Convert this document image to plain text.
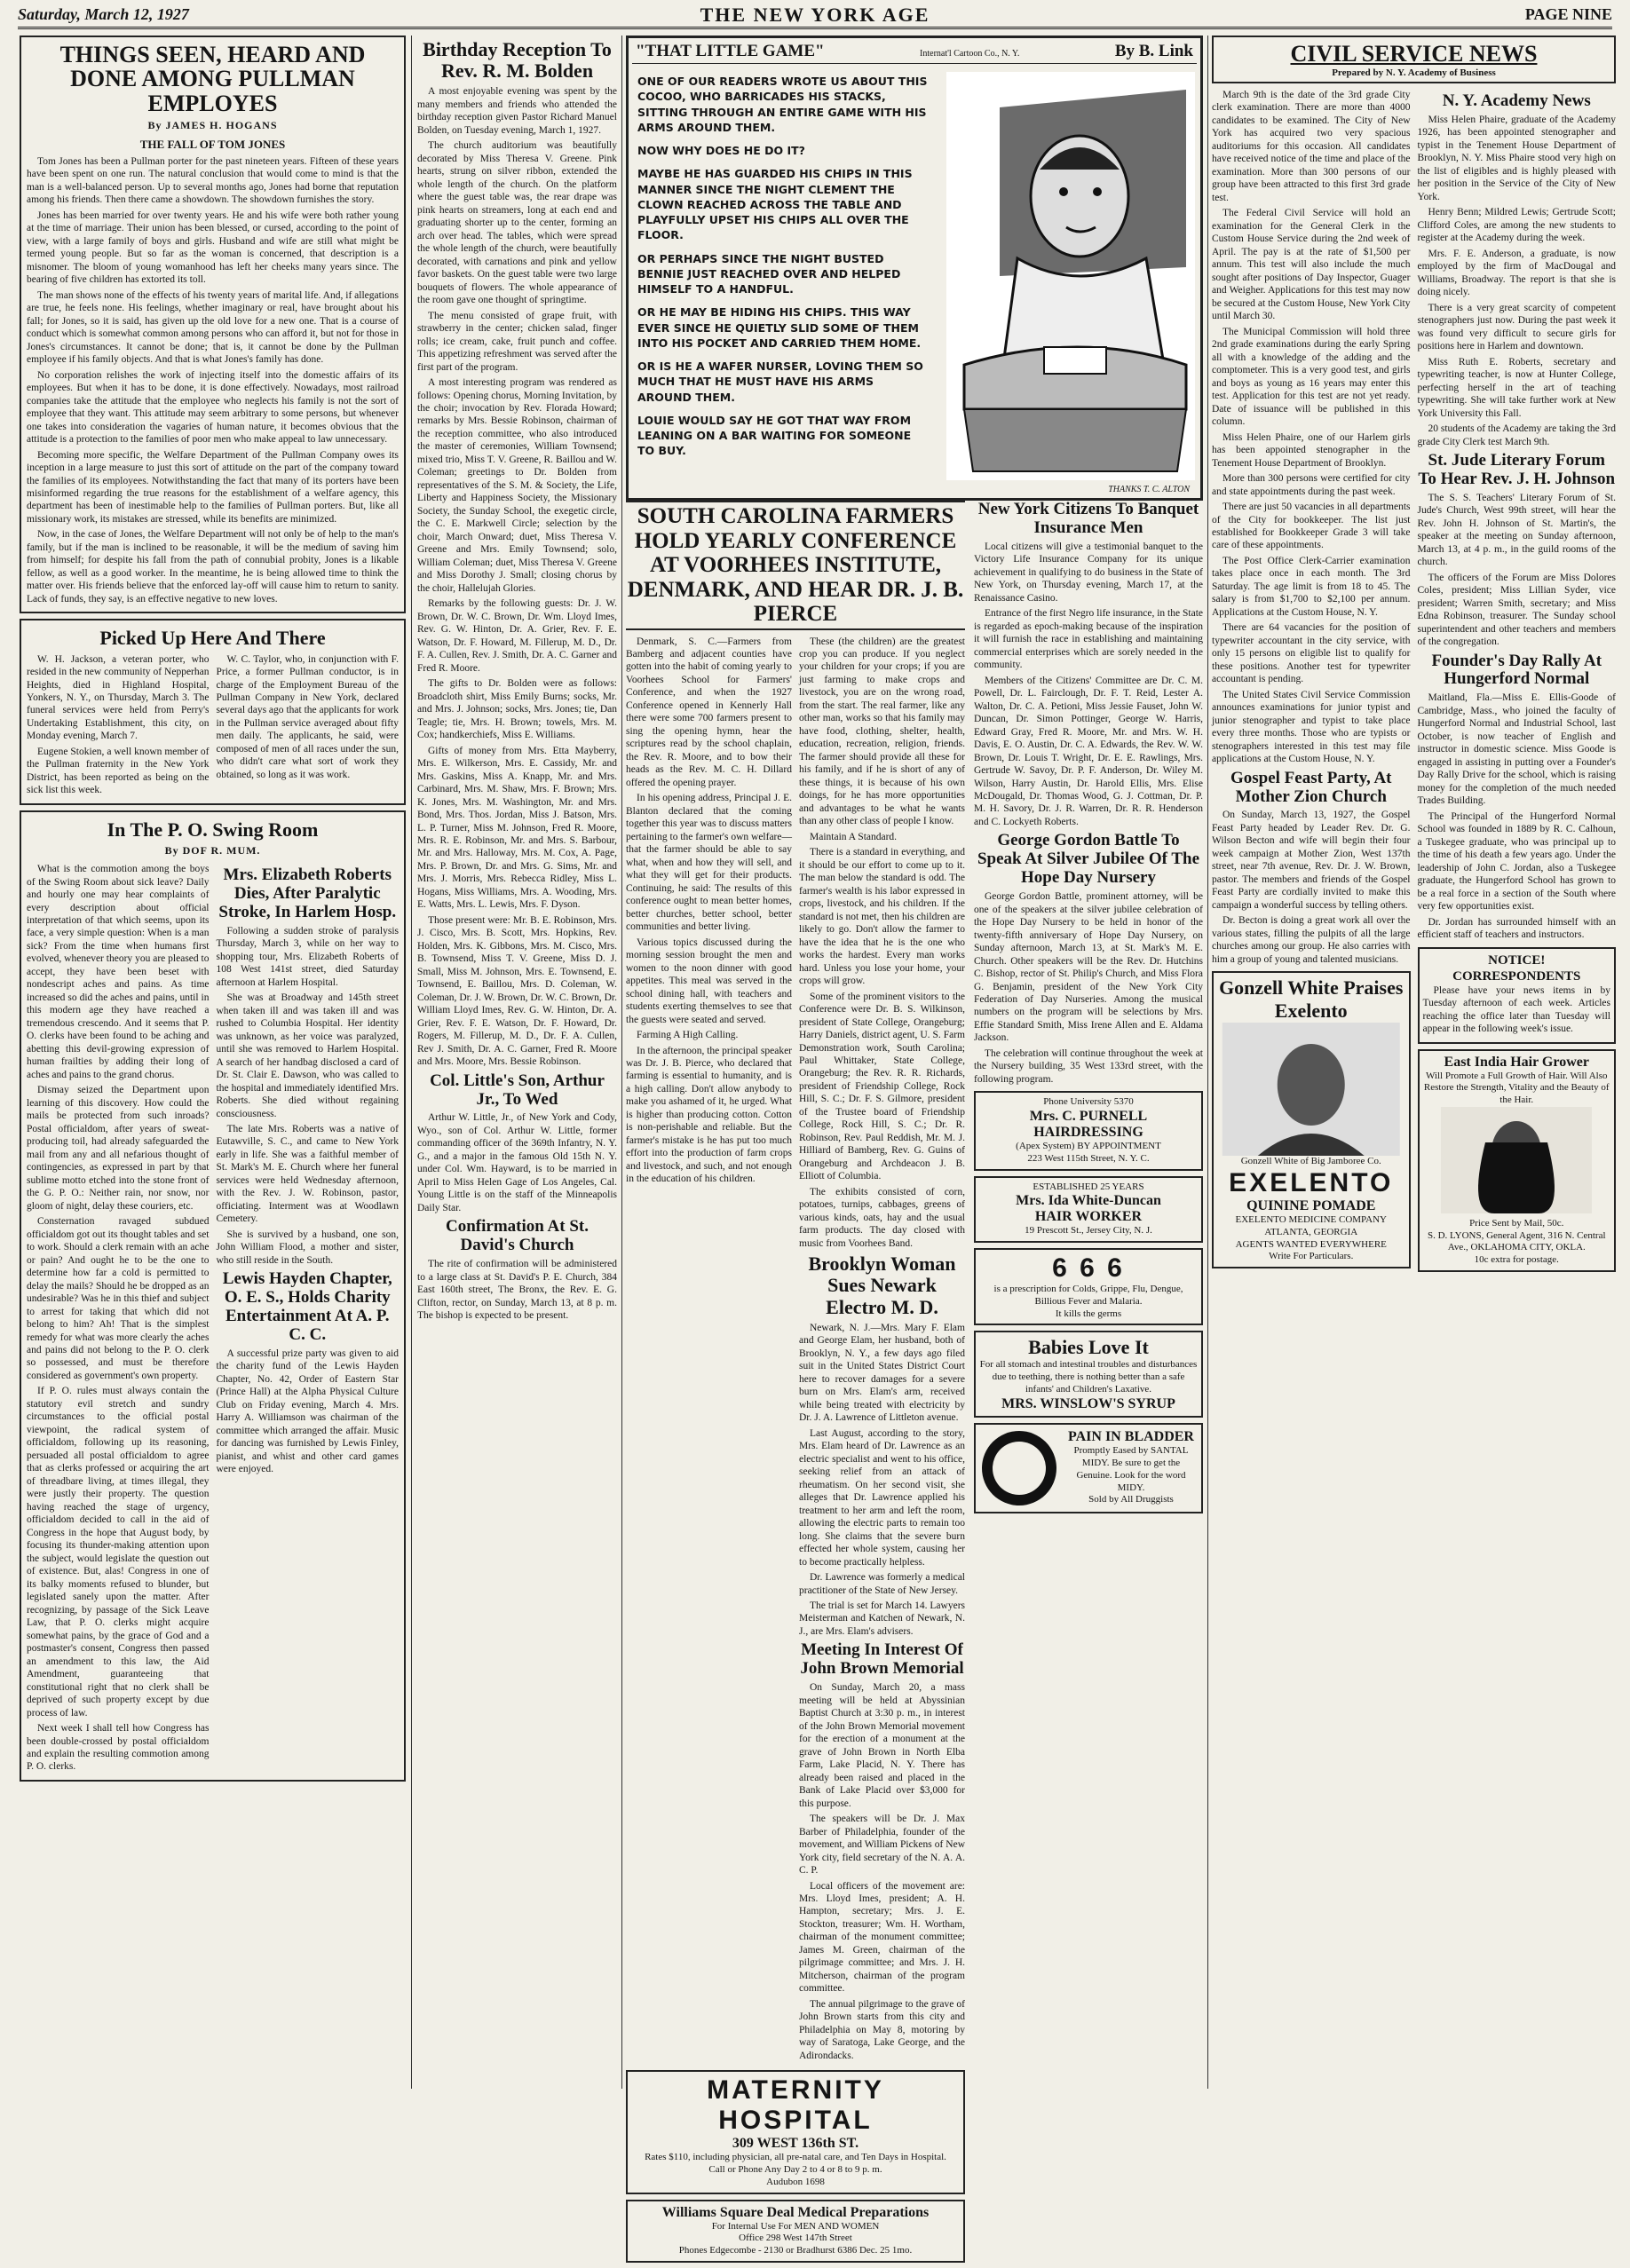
Saturday, March 12, 1927	THE NEW YORK AGE	PAGE NINE
THINGS SEEN, HEARD AND DONE AMONG PULLMAN EMPLOYES
By JAMES H. HOGANS
THE FALL OF TOM JONES

Tom Jones has been a Pullman porter for the past nineteen years. Fifteen of these years have been spent on one run. The natural conclusion that would come to mind is that the man is a well-balanced person. Up to several months ago, Jones had borne that reputation among his friends. Then there came a showdown. The showdown furnishes the story.

Jones has been married for over twenty years. He and his wife were both rather young at the time of marriage. Their union has been blessed, or cursed, according to the point of view, with a large family of boys and girls. Husband and wife are still what might be termed young people. But so far as the woman is concerned, that description is a misnomer. The bloom of young womanhood has left her cheeks many years since. The bearing of five children has extorted its toll.

The man shows none of the effects of his twenty years of marital life. And, if allegations are true, he feels none. His feelings, whether imaginary or real, have brought about his fall; for Jones, so it is said, has given up the old love for a new one. That is a course of conduct which is somewhat common among persons who can afford it, but not for those in Jones's circumstances. It cannot be done; that is, it cannot be done by the Pullman employee if his family objects. And that is what Jones's family has done.

No corporation relishes the work of injecting itself into the domestic affairs of its employees. But when it has to be done, it is done effectively. Nowadays, most railroad companies take the attitude that the employee who neglects his family is not the sort of employee that they want. This attitude may seem arbitrary to some persons, but whenever one takes into consideration the vagaries of human nature, it becomes obvious that the attitude is a protection to the families of poor men who make appeal to law unnecessary.

Becoming more specific, the Welfare Department of the Pullman Company owes its inception in a large measure to just this sort of attitude on the part of the company toward the families of its employees. Notwithstanding the fact that many of its porters have been misinformed regarding the true reasons for the establishment of a welfare agency, this department has been of inestimable help to the families of Pullman porters. But, like all missionary work, its mistakes are stressed, while its benefits are minimized.

Now, in the case of Jones, the Welfare Department will not only be of help to the man's family, but if the man is inclined to be reasonable, it will be the medium of saving him from himself; for despite his fall from the path of connubial probity, Jones is a likable fellow, as well as a good worker. In the meantime, he is being allowed time to think the matter over. His friends believe that the enforced lay-off will cause him to return to sanity. Lack of funds, they say, is an effective negative to new loves.

Picked Up Here And There

W. H. Jackson, a veteran porter, who resided in the new community of Nepperhan Heights, died in Highland Hospital, Yonkers, N. Y., on Thursday, March 3. The funeral services were held from Perry's Undertaking Establishment, this city, on Monday evening, March 7.

Eugene Stokien, a well known member of the Pullman fraternity in the New York District, has been reported as being on the sick list this week.

W. C. Taylor, who, in conjunction with F. Price, a former Pullman conductor, is in charge of the Employment Bureau of the Pullman Company in New York, declared several days ago that the applicants for work in the Pullman service averaged about fifty men daily. The applicants, he said, were composed of men of all races under the sun, who didn't care what sort of work they obtained, so long as it was work.

In The P. O. Swing Room
By DOF R. MUM.

What is the commotion among the boys of the Swing Room about sick leave? Daily and hourly one may hear complaints of every description about official interpretation of that which seems, upon its face, a very simple question: When is a man sick? From the time when humans first evolved, whenever theory you are pleased to accept, they have been beset with nondescript aches and pains. As time increased so did the aches and pains, until in this modern age they have reached a tremendous crescendo. And it seems that P. O. clerks have been found to be aching and abetting this devil-growing expression of human frailties by adding their long of aches and pains to the grand chorus.

Dismay seized the Department upon learning of this discovery. How could the mails be protected from such inroads? Postal officialdom, after years of sweat-producing toil, had already safeguarded the mail from any and all nefarious thought of contingencies, as expressed in part by that sublime motto etched into the stone front of the G. P. O.: Neither rain, nor snow, nor gloom of night, delay these couriers, etc.

Consternation ravaged subdued officialdom got out its thought tables and set to work. Should a clerk remain with an ache or pain? And ought he to be the one to determine how far a cold is permitted to delay the mails? Should he be dropped as an undesirable? Was he in this thief and subject to arrest for taking that which did not belong to him? Ah! That is the simplest remedy for what was more clearly the aches and pains did not belong to the P. O. clerk so possessed, and must be therefore considered as government's own property.

If P. O. rules must always contain the statutory evil stretch and sundry circumstances to the official postal viewpoint, the radical system of officialdom, following up its reasoning, persuaded all postal officialdom to agree that as clerks professed or acquiring the art of threadbare living, at times illegal, they were justly their property. The question having reached the stage of urgency, officialdom decided to call in the aid of Congress in the hope that August body, by focusing its thunder-making attention upon the subject, would legislate the question out of existence. But, alas! Congress in one of its balky moments refused to blunder, but legislated sanely upon the matter. After recognizing, by passage of the Sick Leave Law, that P. O. clerks might acquire somewhat pains, by the grace of God and a postmaster's consent, Congress then passed an amendment to this law, the Aid Amendment, guaranteeing that constitutional right that no clerk shall be deprived of such property except by due process of law.

Next week I shall tell how Congress has been double-crossed by postal officialdom and explain the resulting commotion among P. O. clerks.

Mrs. Elizabeth Roberts Dies, After Paralytic Stroke, In Harlem Hosp.

Following a sudden stroke of paralysis Thursday, March 3, while on her way to shopping tour, Mrs. Elizabeth Roberts of 108 West 141st street, died Saturday afternoon at Harlem Hospital.

She was at Broadway and 145th street when taken ill and was taken ill and was rushed to Columbia Hospital. Her identity was unknown, as her voice was paralyzed, until she was removed to Harlem Hospital. A search of her handbag disclosed a card of Dr. St. Clair E. Dawson, who was called to the hospital and immediately identified Mrs. Roberts. She died without regaining consciousness.

The late Mrs. Roberts was a native of Eutawville, S. C., and came to New York early in life. She was a faithful member of St. Mark's M. E. Church where her funeral services were held Wednesday afternoon, with the Rev. J. W. Robinson, pastor, officiating. Interment was at Woodlawn Cemetery.

She is survived by a husband, one son, John William Flood, a mother and sister, who still reside in the South.

Lewis Hayden Chapter, O. E. S., Holds Charity Entertainment At A. P. C. C.

A successful prize party was given to aid the charity fund of the Lewis Hayden Chapter, No. 42, Order of Eastern Star (Prince Hall) at the Alpha Physical Culture Club on Friday evening, March 4. Mrs. Harry A. Williamson was chairman of the committee which arranged the affair. Music for dancing was furnished by Lewis Finley, pianist, and whist and other card games were enjoyed.

Birthday Reception To Rev. R. M. Bolden

A most enjoyable evening was spent by the many members and friends who attended the birthday reception given Pastor Richard Manuel Bolden, on Tuesday evening, March 1, 1927.

The church auditorium was beautifully decorated by Miss Theresa V. Greene. Pink hearts, strung on silver ribbon, extended the whole length of the church. On the platform where the guest table was, the rear drape was pink hearts on streamers, long at each end and graduating shorter up to the center, forming an arch over head. The tables, which were spread the whole length of the church, were beautifully decorated, with carnations and pink and yellow favor baskets. On the guest table were two large bouquets of flowers. The whole appearance of the room gave one thought of springtime.

The menu consisted of grape fruit, with strawberry in the center; chicken salad, finger rolls; ice cream, cake, fruit punch and coffee. This appetizing refreshment was served after the first part of the program.

A most interesting program was rendered as follows: Opening chorus, Morning Invitation, by the choir; invocation by Rev. Florada Howard; remarks by Mrs. Bessie Robinson, chairman of the reception committee, who also introduced the master of ceremonies, William Townsend; mixed trio, Miss T. V. Greene, R. Baillou and W. Coleman; greetings to Dr. Bolden from representatives of the S. M. & Society, the Life, Liberty and Happiness Society, the Missionary Society, the Sunday School, the exegetic circle, the C. E. Markwell Circle; selection by the choir, March Onward; duet, Miss Theresa V. Greene and Mrs. Emily Townsend; solo, William Coleman; duet, Miss Theresa V. Greene and Miss Dorothy J. Small; closing chorus by the choir, Hallelujah Glories.

Remarks by the following guests: Dr. J. W. Brown, Dr. W. C. Brown, Dr. Wm. Lloyd Imes, Rev. G. W. Hinton, Dr. A. Grier, Rev. F. E. Watson, Dr. F. Howard, M. Fillerup, M. D., Dr. F. A. Cullen, Rev. J. Smith, Dr. A. C. Garner and Fred R. Moore.

The gifts to Dr. Bolden were as follows: Broadcloth shirt, Miss Emily Burns; socks, Mr. and Mrs. J. Johnson; socks, Mrs. Jones; tie, Dan Teagle; tie, Mrs. H. Brown; towels, Mrs. M. Cox; handkerchiefs, Miss E. Williams.

Gifts of money from Mrs. Etta Mayberry, Mrs. E. Wilkerson, Mrs. E. Cassidy, Mr. and Mrs. Gaskins, Miss A. Knapp, Mr. and Mrs. Carbinard, Mrs. M. Shaw, Mrs. F. Brown; Mrs. K. Jones, Mrs. M. Washington, Mr. and Mrs. Bond, Mrs. Thos. Jordan, Miss J. Batson, Mrs. L. P. Turner, Miss M. Johnson, Fred R. Moore, Mrs. R. E. Robinson, Mr. and Mrs. S. Barbour, Mr. and Mrs. Halloway, Mrs. M. Cox, A. Page, Mrs. P. Brown, Dr. and Mrs. G. Sims, Mr. and Mrs. J. Morris, Mrs. Rebecca Ridley, Miss L. Hogans, Miss Williams, Mrs. A. Wooding, Mrs. E. Watts, Mrs. L. Lewis, Mrs. F. Dyson.

Those present were: Mr. B. E. Robinson, Mrs. J. Cisco, Mrs. B. Scott, Mrs. Hopkins, Rev. Holden, Mrs. K. Gibbons, Mrs. M. Cisco, Mrs. B. Townsend, Miss T. V. Greene, Miss D. J. Small, Miss M. Johnson, Mrs. E. Townsend, E. Townsend, E. Baillou, Mrs. D. Coleman, W. Coleman, Dr. J. W. Brown, Dr. W. C. Brown, Dr. William Lloyd Imes, Rev. G. W. Hinton, Dr. A. Grier, Rev. F. E. Watson, Dr. F. Howard, Dr. Rogers, M. Fillerup, M. D., Dr. F. A. Cullen, Rev J. Smith, Dr. A. C. Garner, Fred R. Moore and Mrs. Moore, Mrs. Bessie Robinson.

Col. Little's Son, Arthur Jr., To Wed

Arthur W. Little, Jr., of New York and Cody, Wyo., son of Col. Arthur W. Little, former commanding officer of the 369th Infantry, N. Y. G., and a major in the famous Old 15th N. Y. under Col. Wm. Hayward, is to be married in April to Miss Helen Gage of Los Angeles, Cal. Young Little is on the staff of the Minneapolis Daily Star.

Confirmation At St. David's Church

The rite of confirmation will be administered to a large class at St. David's P. E. Church, 384 East 160th street, The Bronx, the Rev. E. G. Clifton, rector, on Sunday, March 13, at 8 p. m. The bishop is expected to be present.

"THAT LITTLE GAME"	Internat'l Cartoon Co., N. Y.	By B. Link
ONE OF OUR READERS WROTE US ABOUT THIS COCOO, WHO BARRICADES HIS STACKS, SITTING THROUGH AN ENTIRE GAME WITH HIS ARMS AROUND THEM.
NOW WHY DOES HE DO IT?
MAYBE HE HAS GUARDED HIS CHIPS IN THIS MANNER SINCE THE NIGHT CLEMENT THE CLOWN REACHED ACROSS THE TABLE AND PLAYFULLY UPSET HIS CHIPS ALL OVER THE FLOOR.
OR PERHAPS SINCE THE NIGHT BUSTED BENNIE JUST REACHED OVER AND HELPED HIMSELF TO A HANDFUL.
OR HE MAY BE HIDING HIS CHIPS. THIS WAY EVER SINCE HE QUIETLY SLID SOME OF THEM INTO HIS POCKET AND CARRIED THEM HOME.
OR IS HE A WAFER NURSER, LOVING THEM SO MUCH THAT HE MUST HAVE HIS ARMS AROUND THEM.
LOUIE WOULD SAY HE GOT THAT WAY FROM LEANING ON A BAR WAITING FOR SOMEONE TO BUY.
THANKS T. C. ALTON
SOUTH CAROLINA FARMERS HOLD YEARLY CONFERENCE AT VOORHEES INSTITUTE, DENMARK, AND HEAR DR. J. B. PIERCE

Denmark, S. C.—Farmers from Bamberg and adjacent counties have gotten into the habit of coming yearly to Voorhees School for Farmers' Conference, and when the 1927 Conference opened in Kennerly Hall there were some 700 farmers present to sing the opening hymn, hear the scriptures read by the school chaplain, the Rev. R. Moore, and to bow their heads as the Rev. M. C. H. Dillard offered the opening prayer.

In his opening address, Principal J. E. Blanton declared that the coming together this year was to discuss matters pertaining to the farmer's own welfare—that the farmer should be able to say what, when and how they will sell, and what they will get for their products. Continuing, he said: The results of this conference ought to mean better homes, better churches, better school, better communities and better living.

Various topics discussed during the morning session brought the men and women to the noon dinner with good appetites. This meal was served in the school dining hall, with teachers and students exerting themselves to see that the guests were seated and served.

Farming A High Calling.

In the afternoon, the principal speaker was Dr. J. B. Pierce, who declared that farming is essential to humanity, and is a high calling. Don't allow anybody to make you ashamed of it, he urged. What is higher than producing cotton. Cotton is non-perishable and reliable. But the farmer's mistake is he has put too much effort into the production of farm crops and livestock, and such, and not enough in the education of his children.

These (the children) are the greatest crop you can produce. If you neglect your children for your crops; if you are just farming to make crops and livestock, you are on the wrong road, from the start. The real farmer, like any other man, works so that his family may have food, clothing, shelter, health, education, recreation, religion, friends. The farmer should provide all these for his family, and if he is short of any of these things, it is because of his own doings, for he has more opportunities and advantages to be what he wants than any other class of people I know.

Maintain A Standard.

There is a standard in everything, and it should be our effort to come up to it. The man below the standard is odd. The farmer's wealth is his labor expressed in crops, livestock, and his children. If the standard is not met, then his children are likely to go. Don't allow the farmer to have the idea that he is the one who works the hardest. Every man works hard. Unless you lose your home, your crops will grow.

Some of the prominent visitors to the Conference were Dr. B. S. Wilkinson, president of State College, Orangeburg; Harry Daniels, district agent, U. S. Farm Demonstration work, South Carolina; Paul Whittaker, State College, Orangeburg; the Rev. R. R. Richards, president of Friendship College, Rock Hill, S. C.; Dr. F. S. Gilmore, president of the Trustee board of Friendship College, Rock Hill, S. C.; Dr. R. Robinson, Rev. Paul Reddish, Mr. M. J. Hilliard of Bamberg, Rev. G. Guins of Orangeburg and Archdeacon J. B. Elliott of Columbia.

The exhibits consisted of corn, potatoes, turnips, cabbages, greens of various kinds, oats, hay and the usual farm products. The day closed with music from Voorhees Band.

Brooklyn Woman Sues Newark Electro M. D.

Newark, N. J.—Mrs. Mary F. Elam and George Elam, her husband, both of Brooklyn, N. Y., a few days ago filed suit in the United States District Court here to recover damages for a severe burn on Mrs. Elam's arm, received while being treated with electricity by Dr. J. A. Lawrence of Littleton avenue.

Last August, according to the story, Mrs. Elam heard of Dr. Lawrence as an electric specialist and went to his office, seeking relief from an attack of rheumatism. On her second visit, she alleges that Dr. Lawrence applied his treatment to her arm and left the room, allowing the electric parts to remain too long. She claims that the severe burn effected her whole system, causing her to become practically helpless.

Dr. Lawrence was formerly a medical practitioner of the State of New Jersey.

The trial is set for March 14. Lawyers Meisterman and Katchen of Newark, N. J., are Mrs. Elam's advisers.

Meeting In Interest Of John Brown Memorial

On Sunday, March 20, a mass meeting will be held at Abyssinian Baptist Church at 3:30 p. m., in interest of the John Brown Memorial movement for the erection of a monument at the grave of John Brown in North Elba Farm, Lake Placid, N. Y. There has already been raised and placed in the Bank of Lake Placid over $3,000 for this purpose.

The speakers will be Dr. J. Max Barber of Philadelphia, founder of the movement, and William Pickens of New York city, field secretary of the N. A. A. C. P.

Local officers of the movement are: Mrs. Lloyd Imes, president; A. H. Hampton, secretary; Mrs. J. E. Stockton, treasurer; Wm. H. Wortham, chairman of the monument committee; James M. Green, chairman of the pilgrimage committee; and Mrs. J. H. Mitcherson, chairman of the program committee.

The annual pilgrimage to the grave of John Brown starts from this city and Philadelphia on May 8, motoring by way of Saratoga, Lake George, and the Adirondacks.

MATERNITY HOSPITAL
309 WEST 136th ST.
Rates $110, including physician, all pre-natal care, and Ten Days in Hospital.
Call or Phone Any Day 2 to 4 or 8 to 9 p. m.
Audubon 1698
Williams Square Deal Medical Preparations
For Internal Use For MEN AND WOMEN
Office 298 West 147th Street
Phones Edgecombe - 2130 or Bradhurst 6386 Dec. 25 1mo.
New York Citizens To Banquet Insurance Men

Local citizens will give a testimonial banquet to the Victory Life Insurance Company for its unique achievement in qualifying to do business in the State of New York, on Thursday evening, March 17, at the Renaissance Casino.

Entrance of the first Negro life insurance, in the State is regarded as epoch-making because of the inspiration it will furnish the race in establishing and maintaining commercial enterprises which are sorely needed in the community.

Members of the Citizens' Committee are Dr. C. M. Powell, Dr. L. Fairclough, Dr. F. T. Reid, Lester A. Walton, Dr. C. A. Petioni, Miss Jessie Fauset, John W. Duncan, Dr. Simon Pottinger, George W. Harris, Edward Gray, Fred R. Moore, Mr. and Mrs. W. H. Davis, E. O. Austin, Dr. C. A. Edwards, the Rev. W. W. Brown, Dr. Louis T. Wright, Dr. E. E. Rawlings, Mrs. Gertrude W. Savoy, Dr. P. F. Anderson, Dr. Wiley M. Wilson, Harry Austin, Dr. Harold Ellis, Mrs. Elise McDougald, Dr. Thomas Wood, G. J. Cottman, Dr. P. M. H. Savory, Dr. J. R. Warren, Dr. R. R. Henderson and C. Lockyeth Roberts.

George Gordon Battle To Speak At Silver Jubilee Of The Hope Day Nursery

George Gordon Battle, prominent attorney, will be one of the speakers at the silver jubilee celebration of the Hope Day Nursery to be held in honor of the twenty-fifth anniversary of Hope Day Nursery, on Sunday afternoon, March 13, at St. Mark's M. E. Church. Other speakers will be the Rev. Dr. Hutchins C. Bishop, rector of St. Philip's Church, and Miss Flora G. Benjamin, president of the New York City Federation of Day Nurseries. Among the musical numbers on the program will be selections by Mrs. Effie Standard Smith, Miss Irene Allen and E. Aldama Jackson.

The celebration will continue throughout the week at the Nursery building, 35 West 133rd street, with the following program.

Phone University 5370
Mrs. C. PURNELL
HAIRDRESSING
(Apex System) BY APPOINTMENT
223 West 115th Street, N. Y. C.
ESTABLISHED 25 YEARS
Mrs. Ida White-Duncan
HAIR WORKER
19 Prescott St., Jersey City, N. J.
6 6 6
is a prescription for Colds, Grippe, Flu, Dengue, Billious Fever and Malaria.
It kills the germs
Babies Love It
For all stomach and intestinal troubles and disturbances due to teething, there is nothing better than a safe infants' and Children's Laxative.
MRS. WINSLOW'S SYRUP
PAIN IN BLADDER
Promptly Eased by SANTAL MIDY. Be sure to get the Genuine. Look for the word MIDY.
Sold by All Druggists
CIVIL SERVICE NEWS
Prepared by N. Y. Academy of Business

March 9th is the date of the 3rd grade City clerk examination. There are more than 4000 candidates to be examined. The City of New York has acquired two very spacious auditoriums for this occasion. All candidates have received notice of the time and place of the examination. More than 300 persons of our group have been attracted to this first 3rd grade test.

The Federal Civil Service will hold an examination for the General Clerk in the Custom House Service during the 2nd week of April. The pay is at the rate of $1,500 per annum. This test will also include the much sought after positions of Day Inspector, Guager and Weigher. Applications for this test may now be secured at the Custom House, New York City until March 30.

The Municipal Commission will hold three 2nd grade examinations during the early Spring all with a knowledge of the adding and the comptometer. This is a very good test, and girls and boys as young as 16 years may enter this test. Application for this test are not yet ready. Date of issuance will be published in this column.

Miss Helen Phaire, one of our Harlem girls has been appointed stenographer in the Tenement House Department of Brooklyn.

More than 300 persons were certified for city and state appointments during the past week.

There are just 50 vacancies in all departments of the City for bookkeeper. The list just established for Bookkeeper Grade 3 will take care of these appointments.

The Post Office Clerk-Carrier examination takes place once in each month. The 3rd Saturday. The age limit is from 18 to 45. The salary is from $1,700 to $2,100 per annum. Applications at the Custom House, N. Y.

There are 64 vacancies for the position of typewriter accountant in the city service, with only 15 persons on eligible list to qualify for these positions. Another test for typewriter accountant is pending.

The United States Civil Service Commission announces examinations for junior typist and junior stenographer and typist to take place every three months. Those who are typists or stenographers interested in this test may file applications at the Custom House, N. Y.

Gospel Feast Party, At Mother Zion Church

On Sunday, March 13, 1927, the Gospel Feast Party headed by Leader Rev. Dr. G. Wilson Becton and wife will begin their four week campaign at Mother Zion, West 137th street, near 7th avenue, Rev. Dr. J. W. Brown, pastor. The members and friends of the Gospel Feast Party are cordially invited to make this campaign a wonderful success by telling others.

Dr. Becton is doing a great work all over the various states, filling the pulpits of all the large churches among our group. He also carries with him a group of young and talented musicians.

Gonzell White Praises Exelento
Gonzell White of Big Jamboree Co.
EXELENTO
QUININE POMADE
EXELENTO MEDICINE COMPANY
ATLANTA, GEORGIA
AGENTS WANTED EVERYWHERE
Write For Particulars.
N. Y. Academy News

Miss Helen Phaire, graduate of the Academy 1926, has been appointed stenographer and typist in the Tenement House Department of Brooklyn, N. Y. Miss Phaire stood very high on the list of eligibles and is highly pleased with her position in the Service of the City of New York.

Henry Benn; Mildred Lewis; Gertrude Scott; Clifford Coles, are among the new students to register at the Academy during the week.

Mrs. F. E. Anderson, a graduate, is now employed by the firm of MacDougal and Williams, Broadway. The report is that she is doing nicely.

There is a very great scarcity of competent stenographers just now. During the past week it was found very difficult to secure girls for positions here in Harlem and downtown.

Miss Ruth E. Roberts, secretary and typewriting teacher, is now at Hunter College, perfecting herself in the art of teaching typewriting. She will take further work at New York University this Fall.

20 students of the Academy are taking the 3rd grade City Clerk test March 9th.

St. Jude Literary Forum To Hear Rev. J. H. Johnson

The S. S. Teachers' Literary Forum of St. Jude's Church, West 99th street, will hear the Rev. John H. Johnson of St. Martin's, the speaker at the meeting on Sunday afternoon, March 13, at 4 p. m., in the guild rooms of the church.

The officers of the Forum are Miss Dolores Coles, president; Miss Lillian Syder, vice president; Warren Smith, secretary; and Miss Edna Robinson, treasurer. The Sunday school superintendent and other teachers and members of the congregation.

Founder's Day Rally At Hungerford Normal

Maitland, Fla.—Miss E. Ellis-Goode of Cambridge, Mass., who joined the faculty of Hungerford Normal and Industrial School, last October, is now teacher of English and instructor in domestic science. Miss Goode is engaged in assisting in putting over a Founder's Day Rally Drive for the school, which is raising money for the completion of the much needed Trades Building.

The Principal of the Hungerford Normal School was founded in 1889 by R. C. Calhoun, a Tuskegee graduate, who was principal up to the time of his death a few years ago. Under the leadership of John C. Jordan, also a Tuskegee graduate, the Hungerford School has grown to be a real force in a section of the South where very few opportunities exist.

Dr. Jordan has surrounded himself with an efficient staff of teachers and instructors.

NOTICE! CORRESPONDENTS

Please have your news items in by Tuesday afternoon of each week. Articles reaching the office later than Tuesday will appear in the following week's issue.

East India Hair Grower
Will Promote a Full Growth of Hair. Will Also Restore the Strength, Vitality and the Beauty of the Hair.
Price Sent by Mail, 50c.
S. D. LYONS, General Agent, 316 N. Central Ave., OKLAHOMA CITY, OKLA.
10c extra for postage.
